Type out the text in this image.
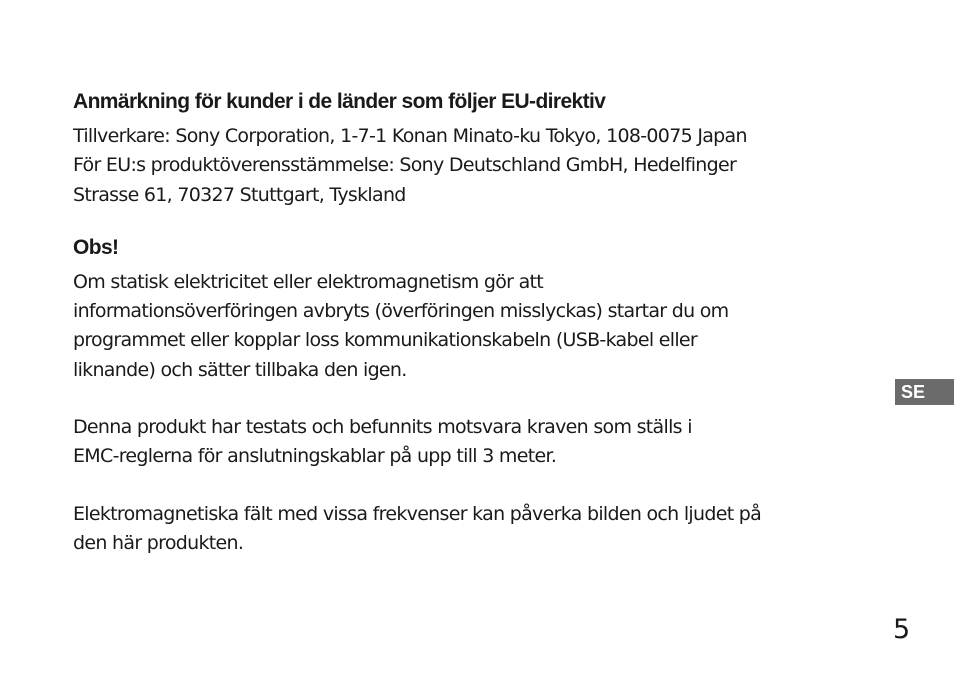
Anmärkning för kunder i de länder som följer EU-direktiv

Tillverkare: Sony Corporation, 1-7-1 Konan Minato-ku Tokyo, 108-0075 Japan
För EU:s produktöverensstämmelse: Sony Deutschland GmbH, Hedelfinger
Strasse 61, 70327 Stuttgart, Tyskland

Obs!

Om statisk elektricitet eller elektromagnetism gör att
informationsöverföringen avbryts (överföringen misslyckas) startar du om
programmet eller kopplar loss kommunikationskabeln (USB-kabel eller
liknande) och sätter tillbaka den igen.

Denna produkt har testats och befunnits motsvara kraven som ställs i
EMC-reglerna för anslutningskablar på upp till 3 meter.

Elektromagnetiska fält med vissa frekvenser kan påverka bilden och ljudet på
den här produkten.

SE
5
